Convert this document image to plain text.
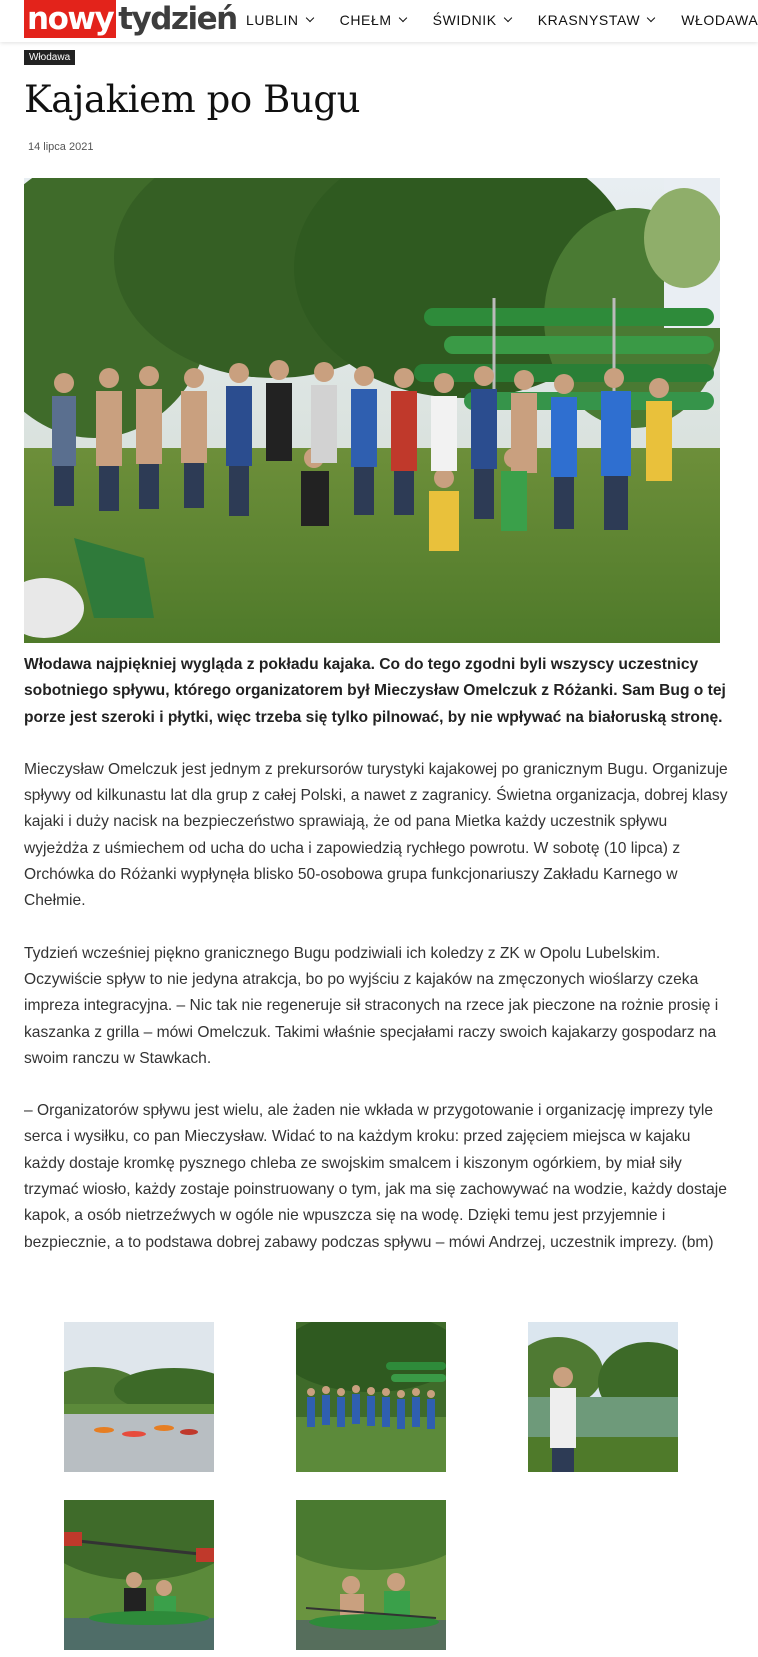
nowy tydzień LUBLIN	CHEŁM	ŚWIDNIK	KRASNYSTAW	WŁODAWA
Włodawa
Kajakiem po Bugu
14 lipca 2021

Włodawa najpiękniej wygląda z pokładu kajaka. Co do tego zgodni byli wszyscy uczestnicy sobotniego spływu, którego organizatorem był Mieczysław Omelczuk z Różanki. Sam Bug o tej porze jest szeroki i płytki, więc trzeba się tylko pilnować, by nie wpływać na białoruską stronę.

Mieczysław Omelczuk jest jednym z prekursorów turystyki kajakowej po granicznym Bugu. Organizuje spływy od kilkunastu lat dla grup z całej Polski, a nawet z zagranicy. Świetna organizacja, dobrej klasy kajaki i duży nacisk na bezpieczeństwo sprawiają, że od pana Mietka każdy uczestnik spływu wyjeżdża z uśmiechem od ucha do ucha i zapowiedzią rychłego powrotu. W sobotę (10 lipca) z Orchówka do Różanki wypłynęła blisko 50-osobowa grupa funkcjonariuszy Zakładu Karnego w Chełmie.

Tydzień wcześniej piękno granicznego Bugu podziwiali ich koledzy z ZK w Opolu Lubelskim. Oczywiście spływ to nie jedyna atrakcja, bo po wyjściu z kajaków na zmęczonych wioślarzy czeka impreza integracyjna. – Nic tak nie regeneruje sił straconych na rzece jak pieczone na rożnie prosię i kaszanka z grilla – mówi Omelczuk. Takimi właśnie specjałami raczy swoich kajakarzy gospodarz na swoim ranczu w Stawkach.

– Organizatorów spływu jest wielu, ale żaden nie wkłada w przygotowanie i organizację imprezy tyle serca i wysiłku, co pan Mieczysław. Widać to na każdym kroku: przed zajęciem miejsca w kajaku każdy dostaje kromkę pysznego chleba ze swojskim smalcem i kiszonym ogórkiem, by miał siły trzymać wiosło, każdy zostaje poinstruowany o tym, jak ma się zachowywać na wodzie, każdy dostaje kapok, a osób nietrzeźwych w ogóle nie wpuszcza się na wodę. Dzięki temu jest przyjemnie i bezpiecznie, a to podstawa dobrej zabawy podczas spływu – mówi Andrzej, uczestnik imprezy. (bm)
